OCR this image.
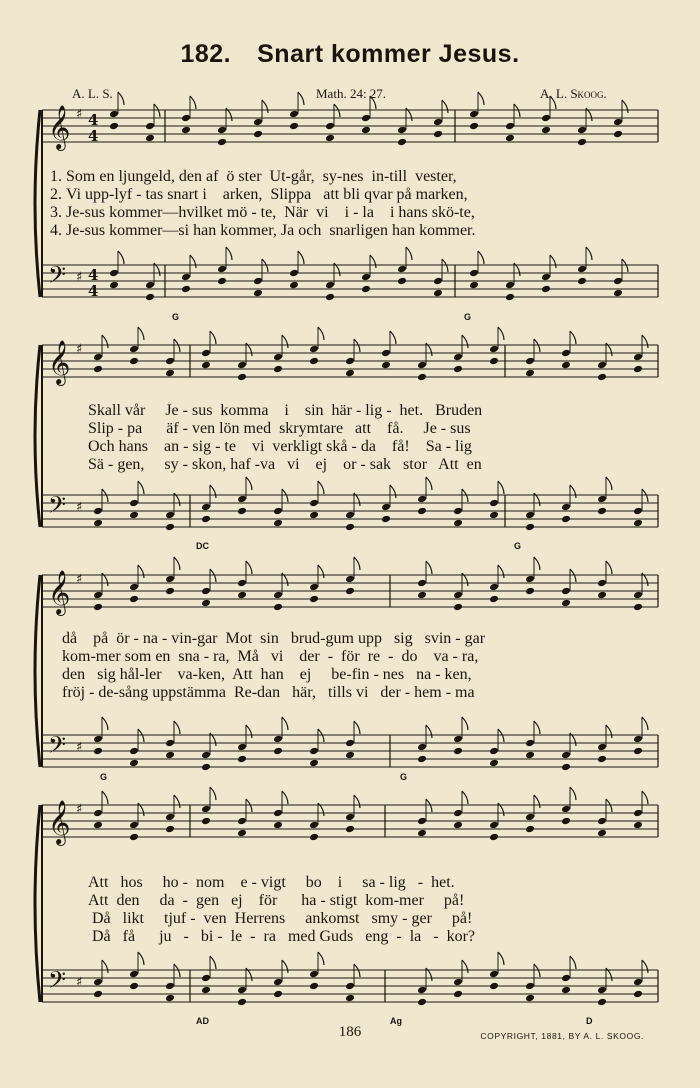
182. Snart kommer Jesus.
A. L. S.	Math. 24: 27.	A. L. Skoog.
𝄞 ♯ 4
4
𝄢 ♯ 4
4
𝄞 ♯
𝄢 ♯
𝄞 ♯
𝄢 ♯
𝄞 ♯
𝄢 ♯
1. Som en ljungeld, den af  ö ster  Ut-går,  sy-nes  in-till  vester,
2. Vi upp-lyf - tas snart i    arken,  Slippa   att bli qvar på marken,
3. Je-sus kommer—hvilket mö - te,  När  vi    i - la    i hans skö-te,
4. Je-sus kommer—si han kommer, Ja och  snarligen han kommer.
G	G
Skall vår     Je - sus  komma    i    sin  här - lig -  het.   Bruden
Slip - pa      äf - ven lön med  skrymtare   att    få.     Je - sus
Och hans    an - sig - te    vi  verkligt skå - da    få!    Sa - lig
Sä - gen,     sy - skon, haf -va   vi    ej    or - sak   stor   Att  en
DC	G
då    på  ör - na - vin-gar  Mot  sin   brud-gum upp   sig   svin - gar
kom-mer som en  sna - ra,  Må   vi    der  -  för  re  -  do    va - ra,
den   sig hål-ler    va-ken,  Att  han    ej     be-fin - nes   na - ken,
fröj - de-sång uppstämma  Re-dan   här,   tills vi   der - hem - ma
G	G
Att   hos     ho -  nom    e - vigt     bo    i     sa - lig   -  het.
Att  den     da  -  gen   ej    för      ha - stigt  kom-mer     på!
Då   likt     tjuf -  ven  Herrens     ankomst   smy - ger     på!
Då   få      ju   -   bi -  le  -  ra   med Guds   eng  -  la   -  kor?
AD	Ag	D
186	COPYRIGHT, 1881, BY A. L. SKOOG.
